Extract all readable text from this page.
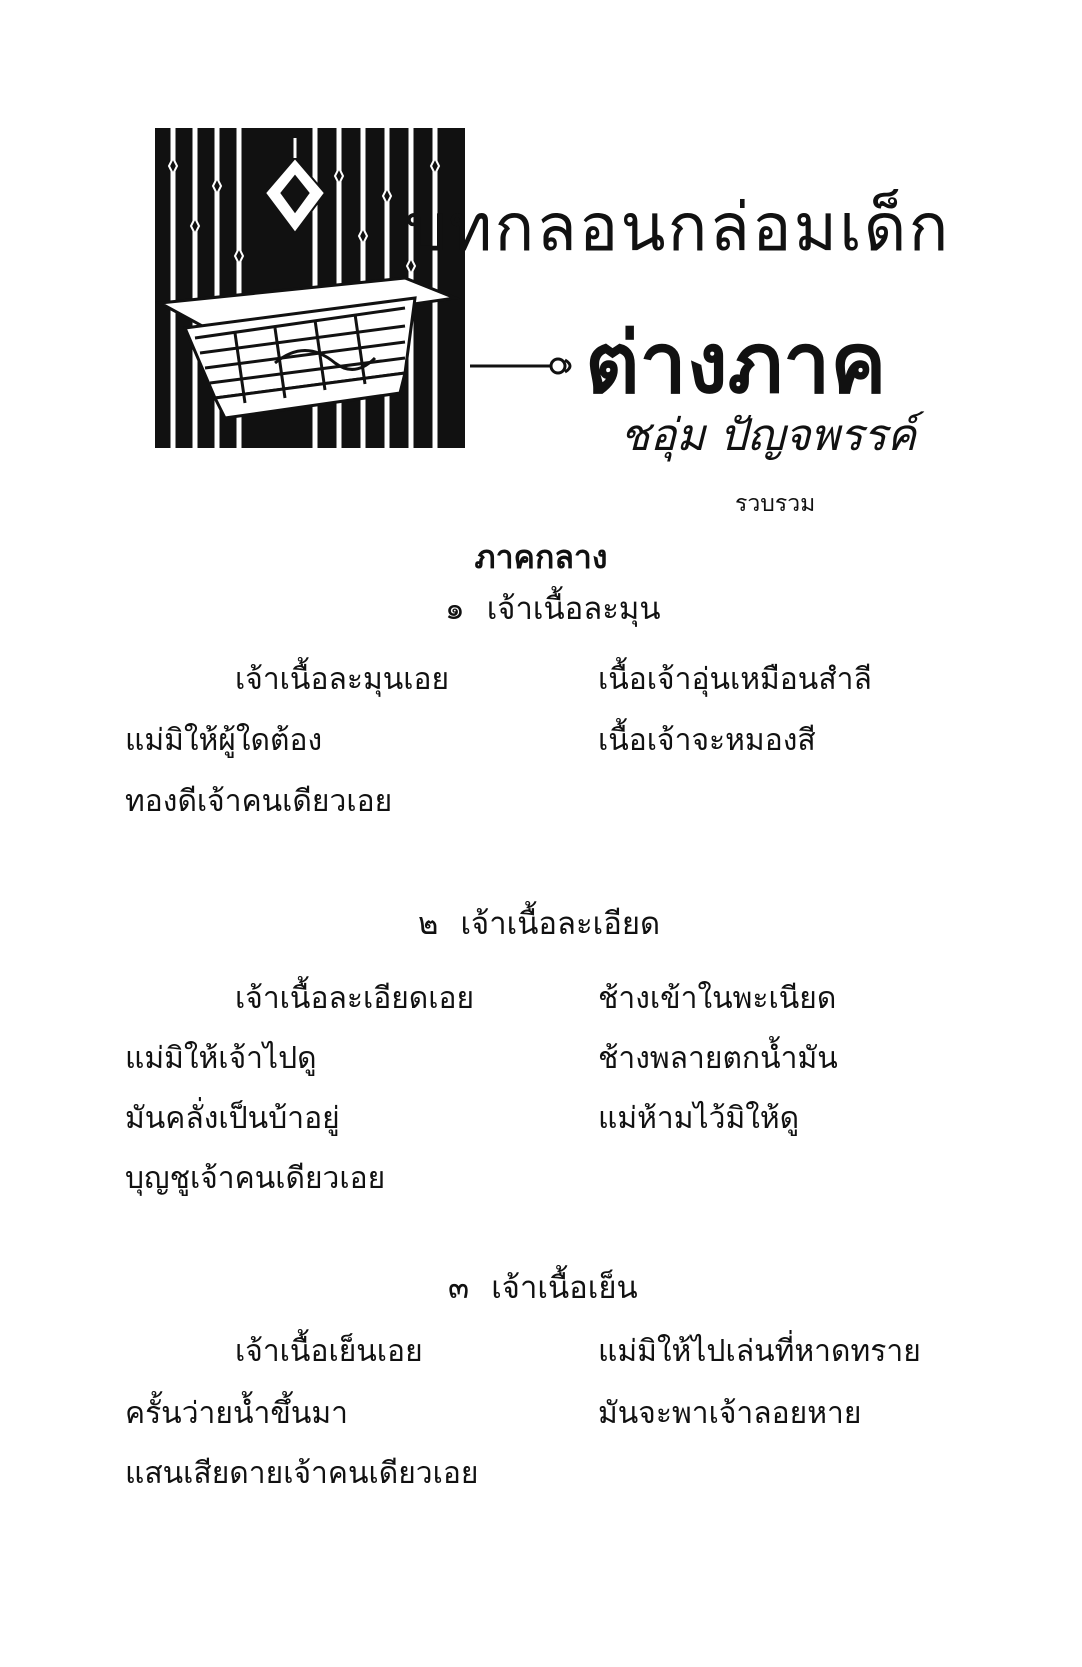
บทกลอนกล่อมเด็ก
ต่างภาค
ชอุ่ม ปัญจพรรค์
รวบรวม
ภาคกลาง
๑ เจ้าเนื้อละมุน
เจ้าเนื้อละมุนเอย	เนื้อเจ้าอุ่นเหมือนสำลี
แม่มิให้ผู้ใดต้อง	เนื้อเจ้าจะหมองสี
ทองดีเจ้าคนเดียวเอย
๒ เจ้าเนื้อละเอียด
เจ้าเนื้อละเอียดเอย	ช้างเข้าในพะเนียด
แม่มิให้เจ้าไปดู	ช้างพลายตกน้ำมัน
มันคลั่งเป็นบ้าอยู่	แม่ห้ามไว้มิให้ดู
บุญชูเจ้าคนเดียวเอย
๓ เจ้าเนื้อเย็น
เจ้าเนื้อเย็นเอย	แม่มิให้ไปเล่นที่หาดทราย
ครั้นว่ายน้ำขึ้นมา	มันจะพาเจ้าลอยหาย
แสนเสียดายเจ้าคนเดียวเอย
